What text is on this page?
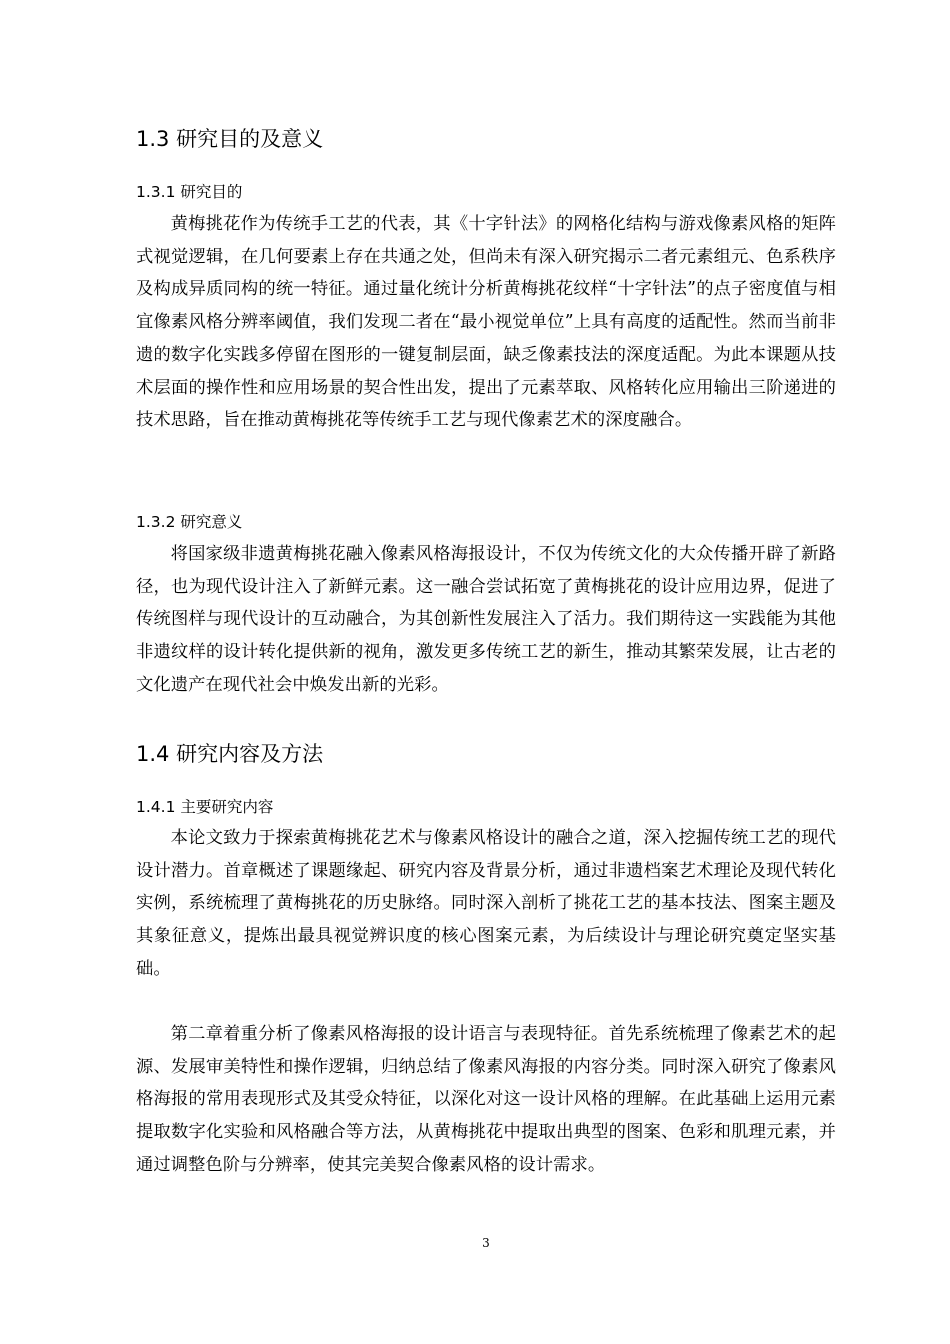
1.3 研究目的及意义
1.3.1 研究目的

黄梅挑花作为传统手工艺的代表，其《十字针法》的网格化结构与游戏像素风格的矩阵式视觉逻辑，在几何要素上存在共通之处，但尚未有深入研究揭示二者元素组元、色系秩序及构成异质同构的统一特征。通过量化统计分析黄梅挑花纹样“十字针法”的点子密度值与相宜像素风格分辨率阈值，我们发现二者在“最小视觉单位”上具有高度的适配性。然而当前非遗的数字化实践多停留在图形的一键复制层面，缺乏像素技法的深度适配。为此本课题从技术层面的操作性和应用场景的契合性出发，提出了元素萃取、风格转化应用输出三阶递进的技术思路，旨在推动黄梅挑花等传统手工艺与现代像素艺术的深度融合。

1.3.2 研究意义

将国家级非遗黄梅挑花融入像素风格海报设计，不仅为传统文化的大众传播开辟了新路径，也为现代设计注入了新鲜元素。这一融合尝试拓宽了黄梅挑花的设计应用边界，促进了传统图样与现代设计的互动融合，为其创新性发展注入了活力。我们期待这一实践能为其他非遗纹样的设计转化提供新的视角，激发更多传统工艺的新生，推动其繁荣发展，让古老的文化遗产在现代社会中焕发出新的光彩。

1.4 研究内容及方法
1.4.1 主要研究内容

本论文致力于探索黄梅挑花艺术与像素风格设计的融合之道，深入挖掘传统工艺的现代设计潜力。首章概述了课题缘起、研究内容及背景分析，通过非遗档案艺术理论及现代转化实例，系统梳理了黄梅挑花的历史脉络。同时深入剖析了挑花工艺的基本技法、图案主题及其象征意义，提炼出最具视觉辨识度的核心图案元素，为后续设计与理论研究奠定坚实基础。

第二章着重分析了像素风格海报的设计语言与表现特征。首先系统梳理了像素艺术的起源、发展审美特性和操作逻辑，归纳总结了像素风海报的内容分类。同时深入研究了像素风格海报的常用表现形式及其受众特征，以深化对这一设计风格的理解。在此基础上运用元素提取数字化实验和风格融合等方法，从黄梅挑花中提取出典型的图案、色彩和肌理元素，并通过调整色阶与分辨率，使其完美契合像素风格的设计需求。

3
